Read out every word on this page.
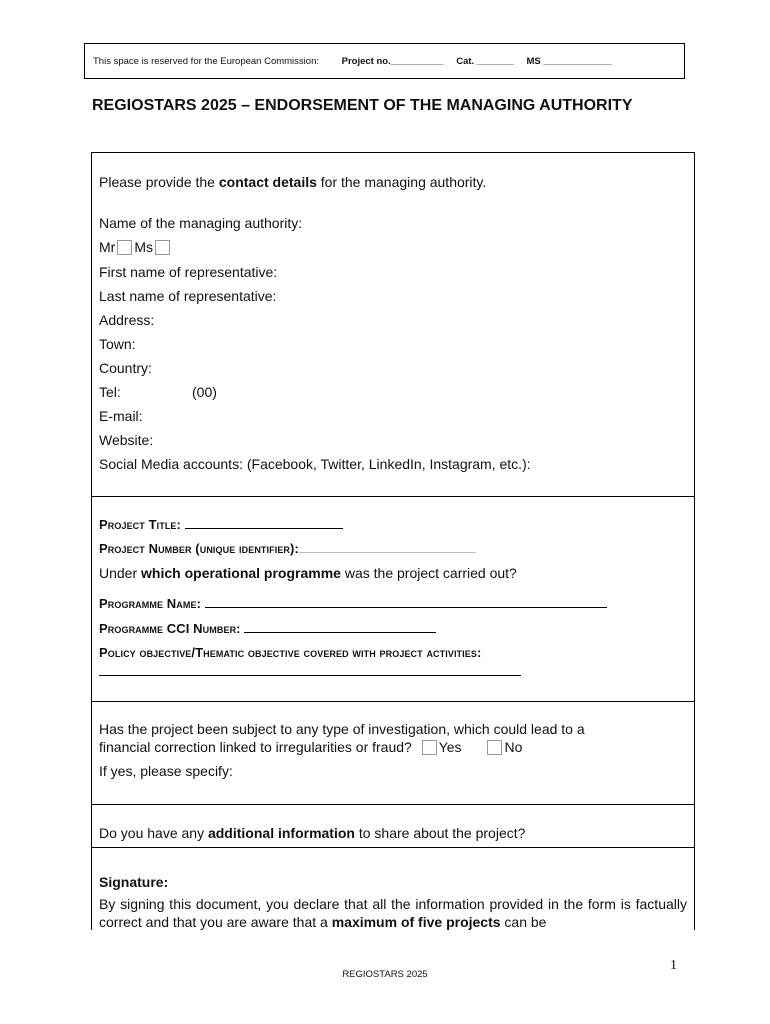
This space is reserved for the European Commission: Project no.__________ Cat. _______ MS _____________
REGIOSTARS 2025 – ENDORSEMENT OF THE MANAGING AUTHORITY
Please provide the contact details for the managing authority.
Name of the managing authority:
Mr Ms
First name of representative:
Last name of representative:
Address:
Town:
Country:
Tel:	(00)
E-mail:
Website:
Social Media accounts: (Facebook, Twitter, LinkedIn, Instagram, etc.):
Project Title:
Project Number (unique identifier):
Under which operational programme was the project carried out?
Programme Name:
Programme CCI Number:
Policy objective/Thematic objective covered with project activities:
Has the project been subject to any type of investigation, which could lead to a
financial correction linked to irregularities or fraud? Yes	No
If yes, please specify:
Do you have any additional information to share about the project?
Signature:
By signing this document, you declare that all the information provided in the form is factually correct and that you are aware that a maximum of five projects can be
REGIOSTARS 2025
1
